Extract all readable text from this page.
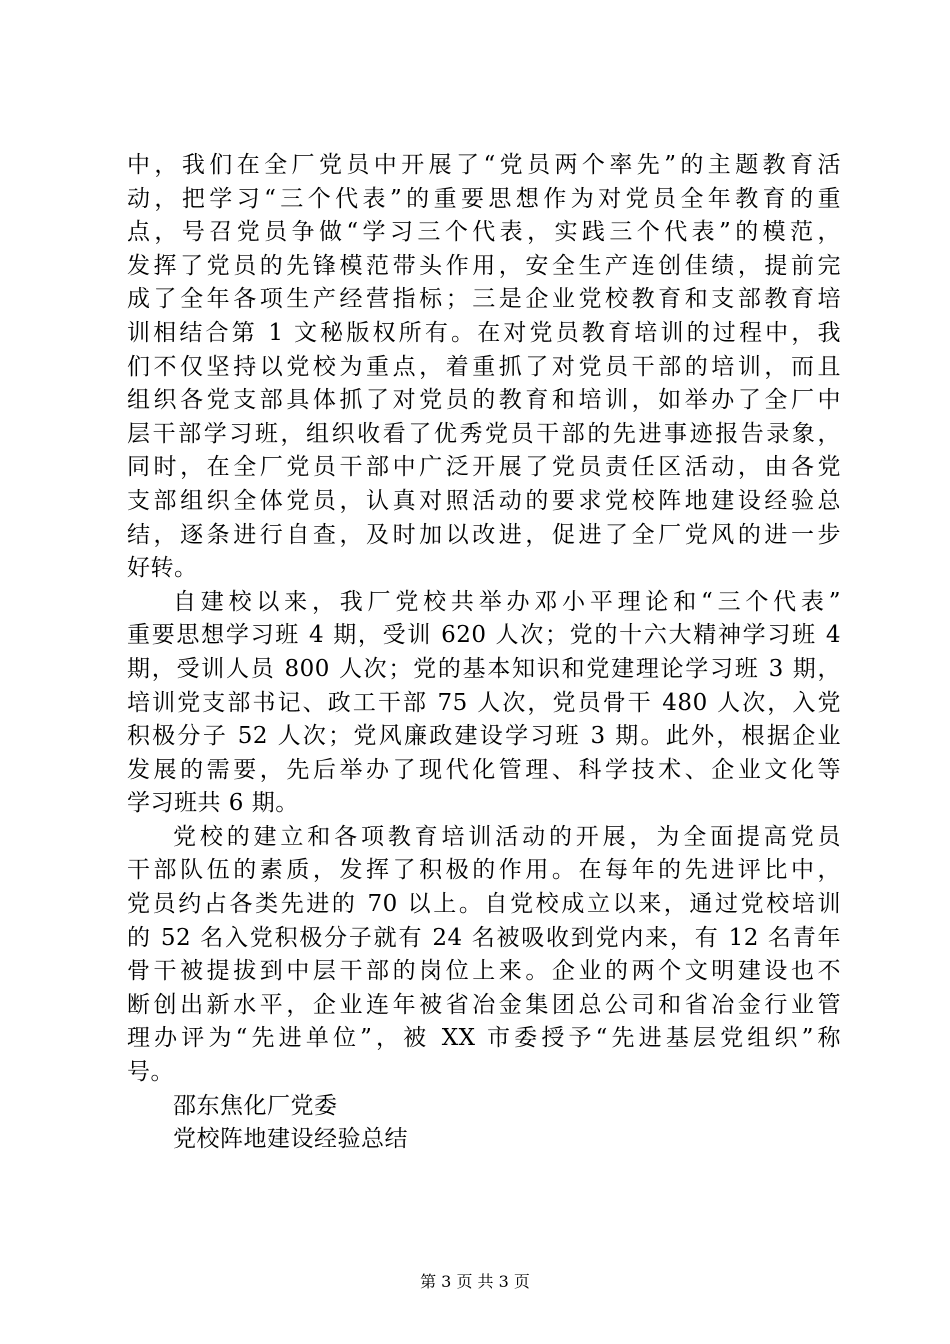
中，我们在全厂党员中开展了“党员两个率先”的主题教育活
动，把学习“三个代表”的重要思想作为对党员全年教育的重
点，号召党员争做“学习三个代表，实践三个代表”的模范，
发挥了党员的先锋模范带头作用，安全生产连创佳绩，提前完
成了全年各项生产经营指标；三是企业党校教育和支部教育培
训相结合第 1 文秘版权所有。在对党员教育培训的过程中，我
们不仅坚持以党校为重点，着重抓了对党员干部的培训，而且
组织各党支部具体抓了对党员的教育和培训，如举办了全厂中
层干部学习班，组织收看了优秀党员干部的先进事迹报告录象，
同时，在全厂党员干部中广泛开展了党员责任区活动，由各党
支部组织全体党员，认真对照活动的要求党校阵地建设经验总
结，逐条进行自查，及时加以改进，促进了全厂党风的进一步
好转。
自建校以来，我厂党校共举办邓小平理论和“三个代表”
重要思想学习班 4 期，受训 620 人次；党的十六大精神学习班 4
期，受训人员 800 人次；党的基本知识和党建理论学习班 3 期，
培训党支部书记、政工干部 75 人次，党员骨干 480 人次，入党
积极分子 52 人次；党风廉政建设学习班 3 期。此外，根据企业
发展的需要，先后举办了现代化管理、科学技术、企业文化等
学习班共 6 期。
党校的建立和各项教育培训活动的开展，为全面提高党员
干部队伍的素质，发挥了积极的作用。在每年的先进评比中，
党员约占各类先进的 70 以上。自党校成立以来，通过党校培训
的 52 名入党积极分子就有 24 名被吸收到党内来，有 12 名青年
骨干被提拔到中层干部的岗位上来。企业的两个文明建设也不
断创出新水平，企业连年被省冶金集团总公司和省冶金行业管
理办评为“先进单位”，被 XX 市委授予“先进基层党组织”称
号。
邵东焦化厂党委
党校阵地建设经验总结
第 3 页 共 3 页
